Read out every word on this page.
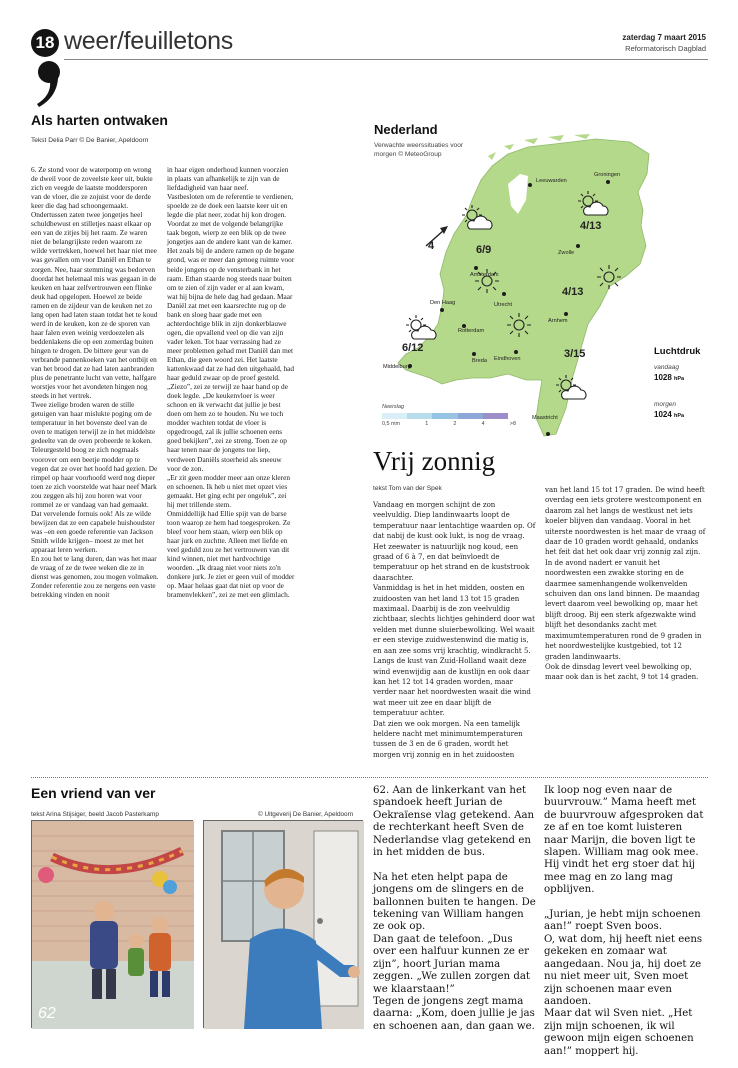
18 weer/feuilletons	zaterdag 7 maart 2015
Reformatorisch Dagblad
Als harten ontwaken
Tekst Delia Parr © De Banier, Apeldoorn
6. Ze stond voor de waterpomp en wrong de dweil voor de zoveelste keer uit, bukte zich en veegde de laatste moddersporen van de vloer, die ze zojuist voor de derde keer die dag had schoongemaakt. Ondertussen zaten twee jongetjes heel schuldbewust en stilletjes naast elkaar op een van de zitjes bij het raam. Ze waren niet de belangrijkste reden waarom ze wilde vertrekken, hoewel het haar niet mee was gevallen om voor Daniël en Ethan te zorgen. Nee, haar stemming was bedorven doordat het helemaal mis was gegaan in de keuken en haar zelfvertrouwen een flinke deuk had opgelopen. Hoewel ze beide ramen en de zijdeur van de keuken net zo lang open had laten staan totdat het te koud werd in de keuken, kon ze de sporen van haar falen even weinig verdoezelen als beddenlakens die op een zomerdag buiten hingen te drogen. De bittere geur van de verbrande pannenkoeken van het ontbijt en van het brood dat ze had laten aanbranden plus de penetrante lucht van vette, halfgare worstjes voor het avondeten hingen nog steeds in het vertrek.
Twee zielige broden waren de stille getuigen van haar mislukte poging om de temperatuur in het bovenste deel van de oven te matigen terwijl ze in het middelste gedeelte van de oven probeerde te koken. Teleurgesteld boog ze zich nogmaals voorover om een beetje modder op te vegen dat ze over het hoofd had gezien. De rimpel op haar voorhoofd werd nog dieper toen ze zich voorstelde wat haar neef Mark zou zeggen als hij zou horen wat voor rommel ze er vandaag van had gemaakt.
Dat vervelende fornuis ook! Als ze wilde bewijzen dat ze een capabele huishoudster was –en een goede referentie van Jackson Smith wilde krijgen– moest ze met het apparaat leren werken.
En zou het te lang duren, dan was het maar de vraag of ze de twee weken die ze in dienst was genomen, zou mogen volmaken. Zonder referentie zou ze nergens een vaste betrekking vinden en nooit
in haar eigen onderhoud kunnen voorzien in plaats van afhankelijk te zijn van de liefdadigheid van haar neef.
Vastbesloten om de referentie te verdienen, spoelde ze de doek een laatste keer uit en legde die plat neer, zodat hij kon drogen. Voordat ze met de volgende belangrijke taak begon, wierp ze een blik op de twee jongetjes aan de andere kant van de kamer. Het zoals bij de andere ramen op de begane grond, was er meer dan genoeg ruimte voor beide jongens op de vensterbank in het raam. Ethan staarde nog steeds naar buiten om te zien of zijn vader er al aan kwam, wat hij bijna de hele dag had gedaan. Maar Daniël zat met een kaarsrechte rug op de bank en sloeg haar gade met een achterdochtige blik in zijn donkerblauwe ogen, die opvallend veel op die van zijn vader leken. Tot haar verrassing had ze meer problemen gehad met Daniël dan met Ethan, die geen woord zei. Het laatste kattenkwaad dat ze had den uitgehaald, had haar geduld zwaar op de proef gesteld.
„Ziezo”, zei ze terwijl ze haar hand op de doek legde. „De keukenvloer is weer schoon en ik verwacht dat jullie je best doen om hem zo te houden. Nu we toch modder wachten totdat de vloer is opgedroogd, zal ik jullie schoenen eens goed bekijken”, zei ze streng. Toen ze op haar tenen naar de jongens toe liep, verdween Daniëls stoerheid als sneeuw voor de zon.
„Er zit geen modder meer aan onze kleren en schoenen. Ik heb u niet met opzet vies gemaakt. Het ging echt per ongeluk”, zei hij met trillende stem.
Onmiddellijk had Ellie spijt van de barse toon waarop ze hem had toegesproken. Ze bleef voor hem staan, wierp een blik op haar jurk en zuchtte. Alleen met liefde en veel geduld zou ze het vertrouwen van dit kind winnen, niet met hardvochtige woorden. „Ik draag niet voor niets zo'n donkere jurk. Je ziet er geen vuil of modder op. Maar helaas gaat dat niet op voor de bramenvlekken”, zei ze met een glimlach.
Nederland
Verwachte weerssituaties voor morgen © MeteoGroup
4
Leeuwarden
Groningen
Zwolle
Amsterdam
Den Haag	Utrecht
Rotterdam
Arnhem
Breda Eindhoven
Middelburg
Maastricht
6/9
4/13
4/13
6/12	3/15	Luchtdruk
vandaag
1028 hPa
morgen
1024 hPa
Neerslag
0,5 mm	1	2	4	>8
Vrij zonnig
tekst Tom van der Spek
Vandaag en morgen schijnt de zon veelvuldig. Diep landinwaarts loopt de temperatuur naar lentachtige waarden op. Of dat nabij de kust ook lukt, is nog de vraag. Het zeewater is natuurlijk nog koud, een graad of 6 à 7, en dat beïnvloedt de temperatuur op het strand en de kuststrook daarachter.
Vanmiddag is het in het midden, oosten en zuidoosten van het land 13 tot 15 graden maximaal. Daarbij is de zon veelvuldig zichtbaar, slechts lichtjes gehinderd door wat velden met dunne sluierbewolking. Wel waait er een stevige zuidwestenwind die matig is, en aan zee soms vrij krachtig, windkracht 5. Langs de kust van Zuid-Holland waait deze wind evenwijdig aan de kustlijn en ook daar kan het 12 tot 14 graden worden, maar verder naar het noordwesten waait die wind wat meer uit zee en daar blijft de temperatuur achter.
Dat zien we ook morgen. Na een tamelijk heldere nacht met minimumtemperaturen tussen de 3 en de 6 graden, wordt het morgen vrij zonnig en in het zuidoosten
van het land 15 tot 17 graden. De wind heeft overdag een iets grotere westcomponent en daarom zal het langs de westkust net iets koeler blijven dan vandaag. Vooral in het uiterste noordwesten is het maar de vraag of daar de 10 graden wordt gehaald, ondanks het feit dat het ook daar vrij zonnig zal zijn.
In de avond nadert er vanuit het noordwesten een zwakke storing en de daarmee samenhangende wolkenvelden schuiven dan ons land binnen. De maandag levert daarom veel bewolking op, maar het blijft droog. Bij een sterk afgezwakte wind blijft het desondanks zacht met maximumtemperaturen rond de 9 graden in het noordwestelijke kustgebied, tot 12 graden landinwaarts.
Ook de dinsdag levert veel bewolking op, maar ook dan is het zacht, 9 tot 14 graden.
Een vriend van ver
tekst Arina Stijsiger, beeld Jacob Pasterkamp	© Uitgeverij De Banier, Apeldoorn
62
62. Aan de linkerkant van het spandoek heeft Jurian de Oekraïense vlag getekend. Aan de rechterkant heeft Sven de Nederlandse vlag getekend en in het midden de bus.

Na het eten helpt papa de jongens om de slingers en de ballonnen buiten te hangen. De tekening van William hangen ze ook op.
Dan gaat de telefoon. „Dus over een halfuur kunnen ze er zijn”, hoort Jurian mama zeggen. „We zullen zorgen dat we klaarstaan!”
Tegen de jongens zegt mama daarna: „Kom, doen jullie je jas en schoenen aan, dan gaan we.
Ik loop nog even naar de buurvrouw.” Mama heeft met de buurvrouw afgesproken dat ze af en toe komt luisteren naar Marijn, die boven ligt te slapen. William mag ook mee. Hij vindt het erg stoer dat hij mee mag en zo lang mag opblijven.

„Jurian, je hebt mijn schoenen aan!” roept Sven boos.
O, wat dom, hij heeft niet eens gekeken en zomaar wat aangedaan. Nou ja, hij doet ze nu niet meer uit, Sven moet zijn schoenen maar even aandoen.
Maar dat wil Sven niet. „Het zijn mijn schoenen, ik wil gewoon mijn eigen schoenen aan!” moppert hij.
